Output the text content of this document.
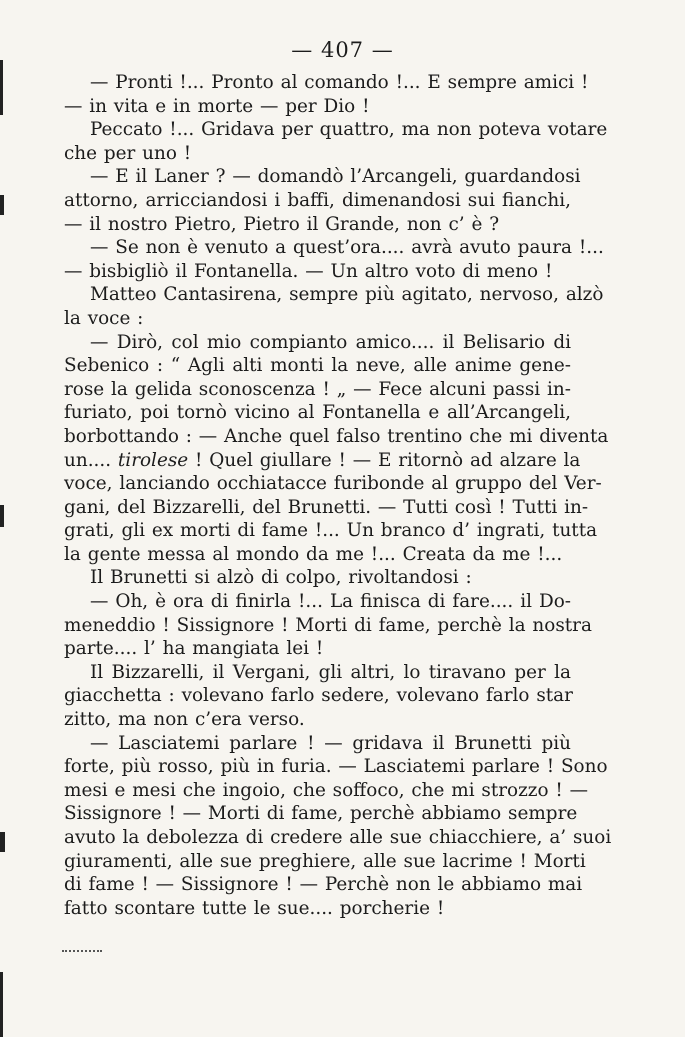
— 407 —
— Pronti !... Pronto al comando !... E sempre amici !
— in vita e in morte — per Dio !
Peccato !... Gridava per quattro, ma non poteva votare
che per uno !
— E il Laner ? — domandò l’Arcangeli, guardandosi
attorno, arricciandosi i baffi, dimenandosi sui fianchi,
— il nostro Pietro, Pietro il Grande, non c’ è ?
— Se non è venuto a quest’ora.... avrà avuto paura !...
— bisbigliò il Fontanella. — Un altro voto di meno !
Matteo Cantasirena, sempre più agitato, nervoso, alzò
la voce :
— Dirò, col mio compianto amico.... il Belisario di
Sebenico : “ Agli alti monti la neve, alle anime gene-
rose la gelida sconoscenza ! „ — Fece alcuni passi in-
furiato, poi tornò vicino al Fontanella e all’Arcangeli,
borbottando : — Anche quel falso trentino che mi diventa
un.... tirolese ! Quel giullare ! — E ritornò ad alzare la
voce, lanciando occhiatacce furibonde al gruppo del Ver-
gani, del Bizzarelli, del Brunetti. — Tutti così ! Tutti in-
grati, gli ex morti di fame !... Un branco d’ ingrati, tutta
la gente messa al mondo da me !... Creata da me !...
Il Brunetti si alzò di colpo, rivoltandosi :
— Oh, è ora di finirla !... La finisca di fare.... il Do-
meneddio ! Sissignore ! Morti di fame, perchè la nostra
parte.... l’ ha mangiata lei !
Il Bizzarelli, il Vergani, gli altri, lo tiravano per la
giacchetta : volevano farlo sedere, volevano farlo star
zitto, ma non c’era verso.
— Lasciatemi parlare ! — gridava il Brunetti più
forte, più rosso, più in furia. — Lasciatemi parlare ! Sono
mesi e mesi che ingoio, che soffoco, che mi strozzo ! —
Sissignore ! — Morti di fame, perchè abbiamo sempre
avuto la debolezza di credere alle sue chiacchiere, a’ suoi
giuramenti, alle sue preghiere, alle sue lacrime ! Morti
di fame ! — Sissignore ! — Perchè non le abbiamo mai
fatto scontare tutte le sue.... porcherie !
